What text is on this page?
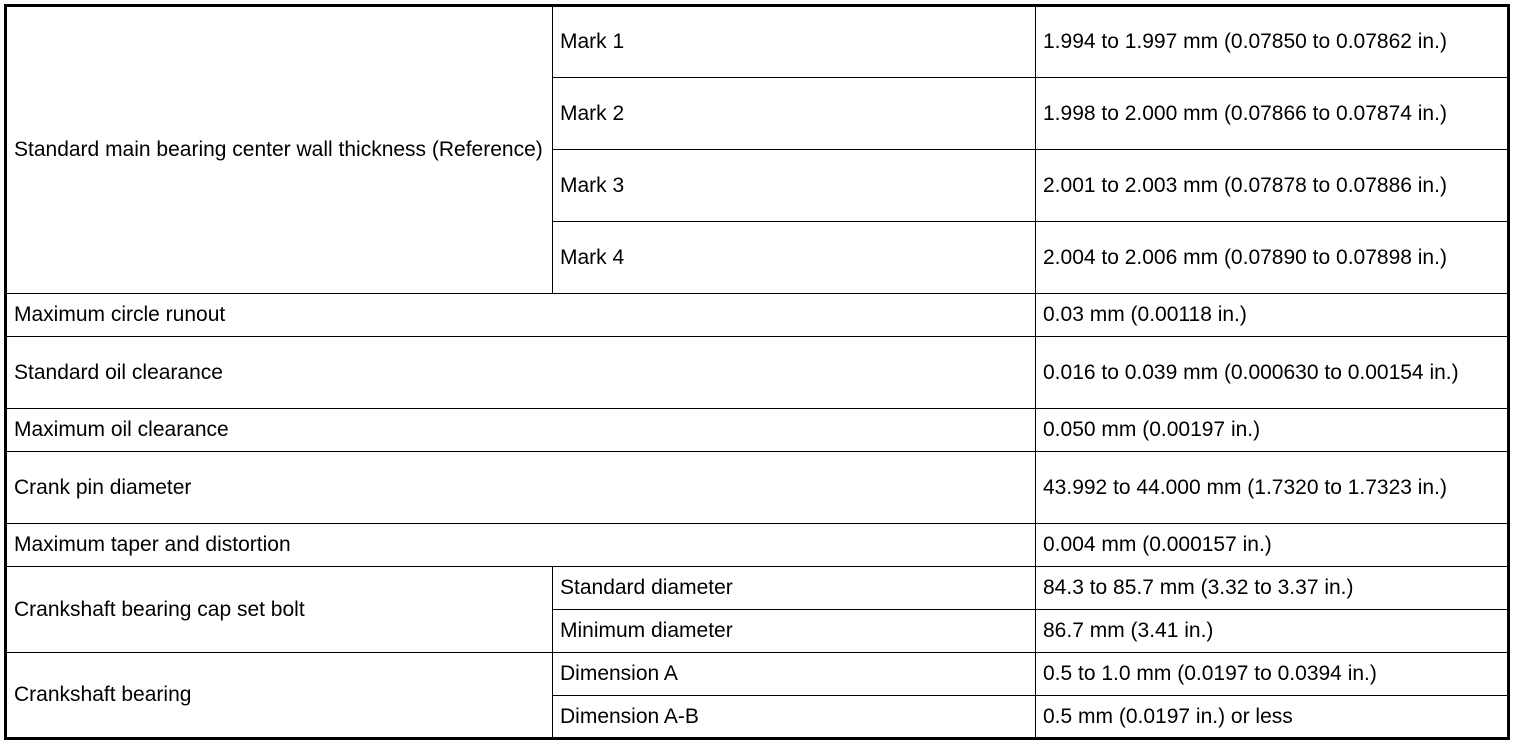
Standard main bearing center wall thickness (Reference)	Mark 1	1.994 to 1.997 mm (0.07850 to 0.07862 in.)
	Mark 2	1.998 to 2.000 mm (0.07866 to 0.07874 in.)
	Mark 3	2.001 to 2.003 mm (0.07878 to 0.07886 in.)
	Mark 4	2.004 to 2.006 mm (0.07890 to 0.07898 in.)
Maximum circle runout		0.03 mm (0.00118 in.)
Standard oil clearance		0.016 to 0.039 mm (0.000630 to 0.00154 in.)
Maximum oil clearance		0.050 mm (0.00197 in.)
Crank pin diameter		43.992 to 44.000 mm (1.7320 to 1.7323 in.)
Maximum taper and distortion		0.004 mm (0.000157 in.)
Crankshaft bearing cap set bolt	Standard diameter	84.3 to 85.7 mm (3.32 to 3.37 in.)
	Minimum diameter	86.7 mm (3.41 in.)
Crankshaft bearing	Dimension A	0.5 to 1.0 mm (0.0197 to 0.0394 in.)
	Dimension A-B	0.5 mm (0.0197 in.) or less
